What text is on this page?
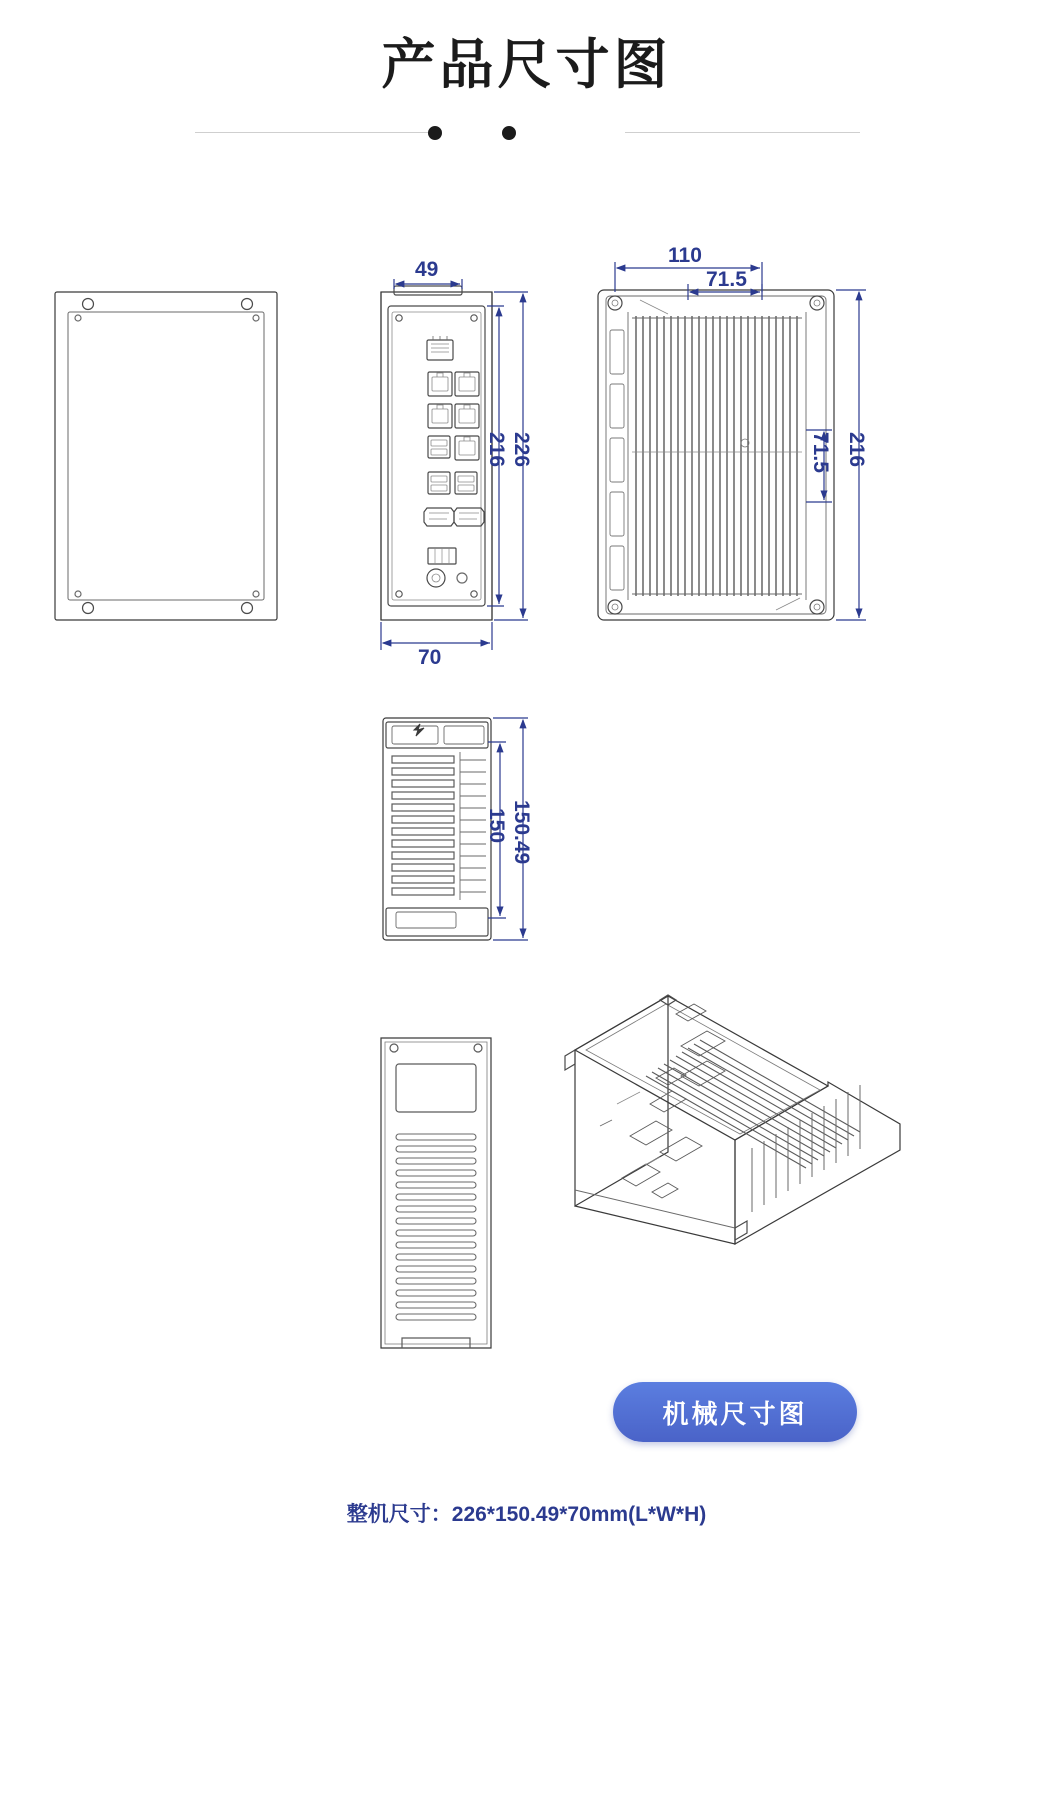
产品尺寸图
49
70
216 226
110
71.5
71.5 216
150 150.49
机械尺寸图
整机尺寸：226*150.49*70mm(L*W*H)
